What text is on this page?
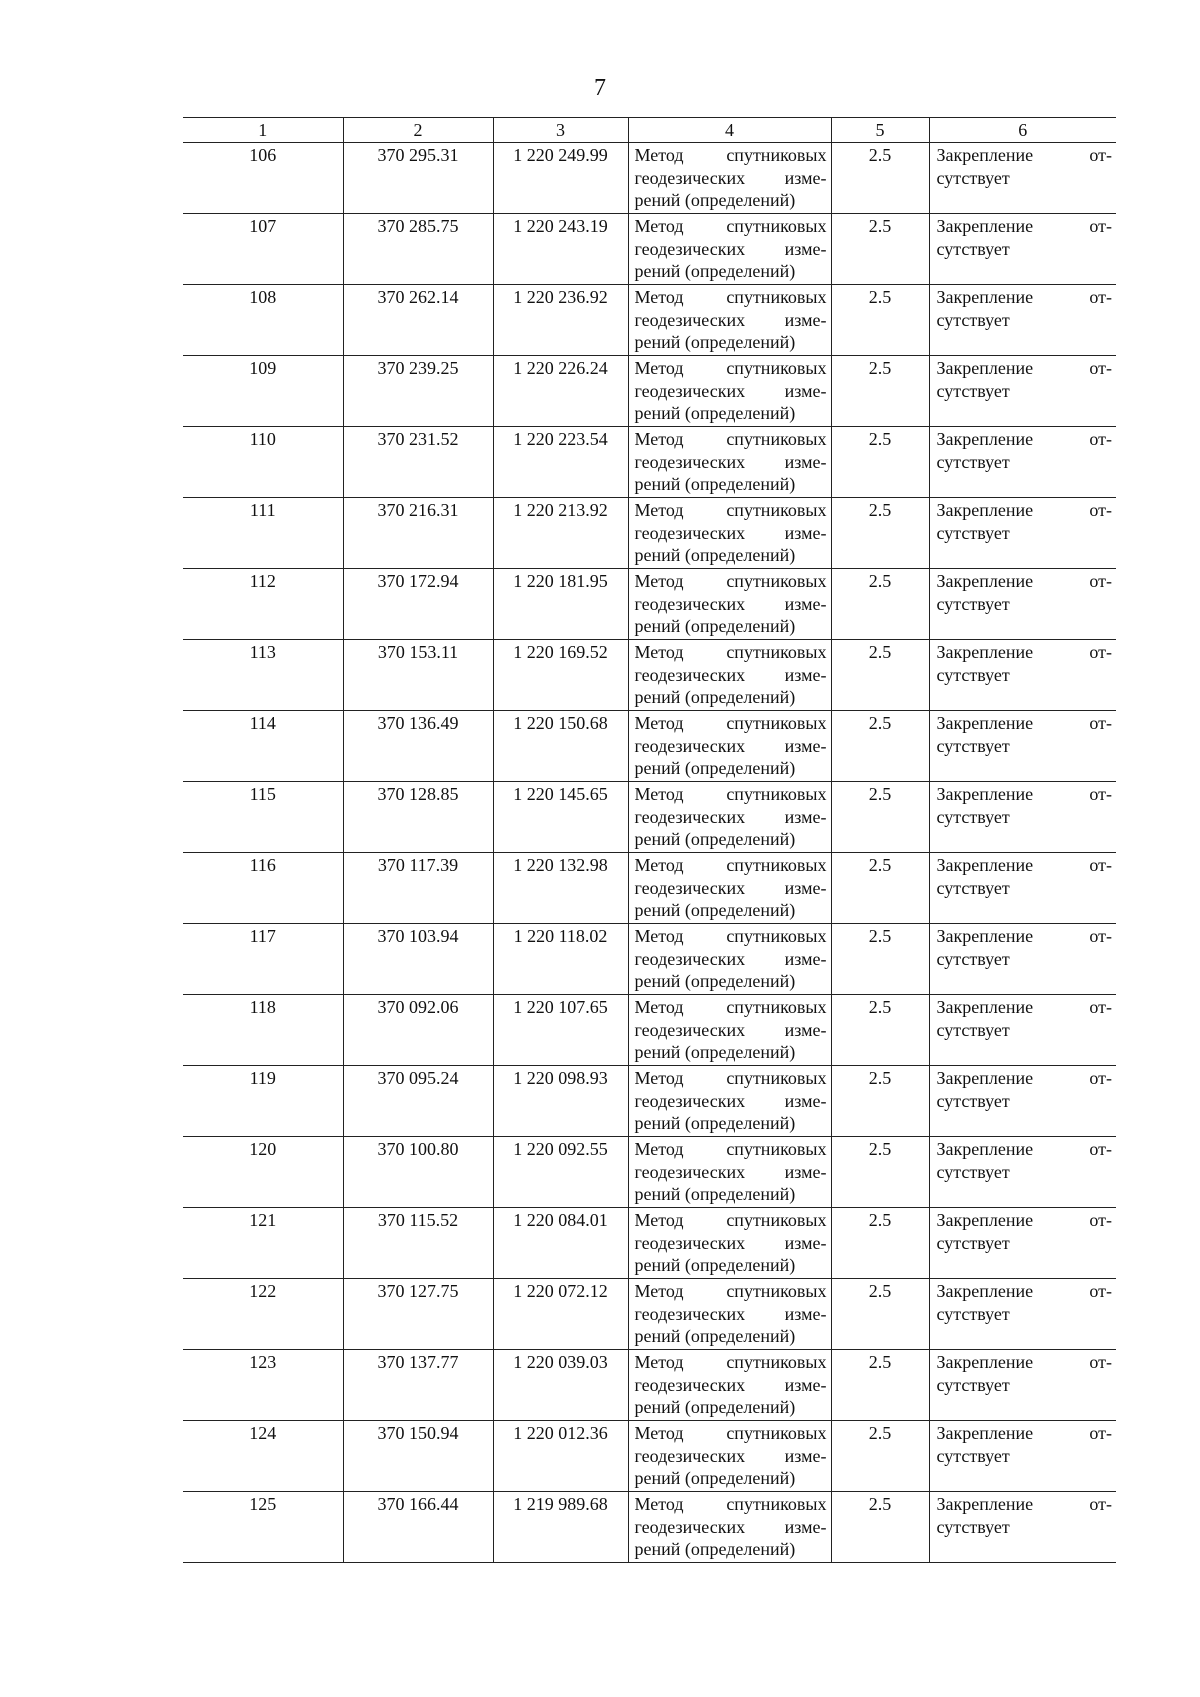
7
1	2	3	4	5	6
106	370 295.31	1 220 249.99	Метод спутниковых геодезических изме-рений (определений)	2.5	Закрепление от-сутствует
107	370 285.75	1 220 243.19	Метод спутниковых геодезических изме-рений (определений)	2.5	Закрепление от-сутствует
108	370 262.14	1 220 236.92	Метод спутниковых геодезических изме-рений (определений)	2.5	Закрепление от-сутствует
109	370 239.25	1 220 226.24	Метод спутниковых геодезических изме-рений (определений)	2.5	Закрепление от-сутствует
110	370 231.52	1 220 223.54	Метод спутниковых геодезических изме-рений (определений)	2.5	Закрепление от-сутствует
111	370 216.31	1 220 213.92	Метод спутниковых геодезических изме-рений (определений)	2.5	Закрепление от-сутствует
112	370 172.94	1 220 181.95	Метод спутниковых геодезических изме-рений (определений)	2.5	Закрепление от-сутствует
113	370 153.11	1 220 169.52	Метод спутниковых геодезических изме-рений (определений)	2.5	Закрепление от-сутствует
114	370 136.49	1 220 150.68	Метод спутниковых геодезических изме-рений (определений)	2.5	Закрепление от-сутствует
115	370 128.85	1 220 145.65	Метод спутниковых геодезических изме-рений (определений)	2.5	Закрепление от-сутствует
116	370 117.39	1 220 132.98	Метод спутниковых геодезических изме-рений (определений)	2.5	Закрепление от-сутствует
117	370 103.94	1 220 118.02	Метод спутниковых геодезических изме-рений (определений)	2.5	Закрепление от-сутствует
118	370 092.06	1 220 107.65	Метод спутниковых геодезических изме-рений (определений)	2.5	Закрепление от-сутствует
119	370 095.24	1 220 098.93	Метод спутниковых геодезических изме-рений (определений)	2.5	Закрепление от-сутствует
120	370 100.80	1 220 092.55	Метод спутниковых геодезических изме-рений (определений)	2.5	Закрепление от-сутствует
121	370 115.52	1 220 084.01	Метод спутниковых геодезических изме-рений (определений)	2.5	Закрепление от-сутствует
122	370 127.75	1 220 072.12	Метод спутниковых геодезических изме-рений (определений)	2.5	Закрепление от-сутствует
123	370 137.77	1 220 039.03	Метод спутниковых геодезических изме-рений (определений)	2.5	Закрепление от-сутствует
124	370 150.94	1 220 012.36	Метод спутниковых геодезических изме-рений (определений)	2.5	Закрепление от-сутствует
125	370 166.44	1 219 989.68	Метод спутниковых геодезических изме-рений (определений)	2.5	Закрепление от-сутствует
